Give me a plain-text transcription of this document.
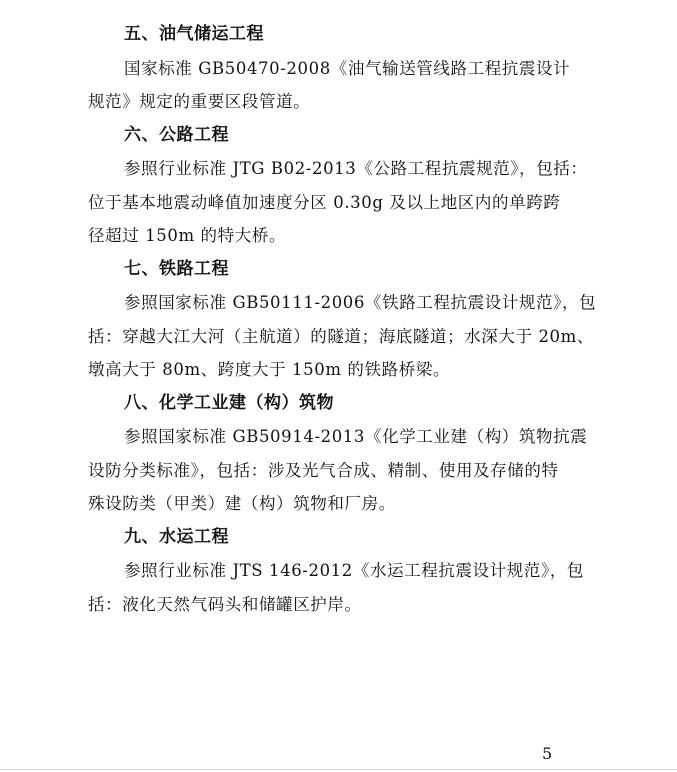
五、油气储运工程
国家标准 GB50470-2008《油气输送管线路工程抗震设计
规范》规定的重要区段管道。
六、公路工程
参照行业标准 JTG B02-2013《公路工程抗震规范》，包括：
位于基本地震动峰值加速度分区 0.30g 及以上地区内的单跨跨
径超过 150m 的特大桥。
七、铁路工程
参照国家标准 GB50111-2006《铁路工程抗震设计规范》，包
括：穿越大江大河（主航道）的隧道；海底隧道；水深大于 20m、
墩高大于 80m、跨度大于 150m 的铁路桥梁。
八、化学工业建（构）筑物
参照国家标准 GB50914-2013《化学工业建（构）筑物抗震
设防分类标准》，包括：涉及光气合成、精制、使用及存储的特
殊设防类（甲类）建（构）筑物和厂房。
九、水运工程
参照行业标准 JTS 146-2012《水运工程抗震设计规范》，包
括：液化天然气码头和储罐区护岸。
5
